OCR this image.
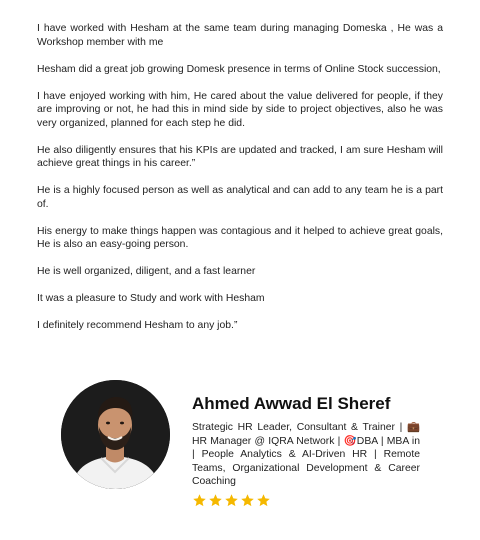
I have worked with Hesham at the same team during managing Domeska , He was a Workshop member with me

Hesham did a great job growing Domesk presence in terms of Online Stock succession,

I have enjoyed working with him, He cared about the value delivered for people, if they are improving or not, he had this in mind side by side to project objectives, also he was very organized, planned for each step he did.

He also diligently ensures that his KPIs are updated and tracked, I am sure Hesham will achieve great things in his career.”

He is a highly focused person as well as analytical and can add to any team he is a part of.

His energy to make things happen was contagious and it helped to achieve great goals, He is also an easy-going person.

He is well organized, diligent, and a fast learner

It was a pleasure to Study and work with Hesham

I definitely recommend Hesham to any job.”

Ahmed Awwad El Sheref
Strategic HR Leader, Consultant & Trainer | 💼HR Manager @ IQRA Network | 🎯DBA | MBA in | People Analytics & AI-Driven HR | Remote Teams, Organizational Development & Career Coaching
